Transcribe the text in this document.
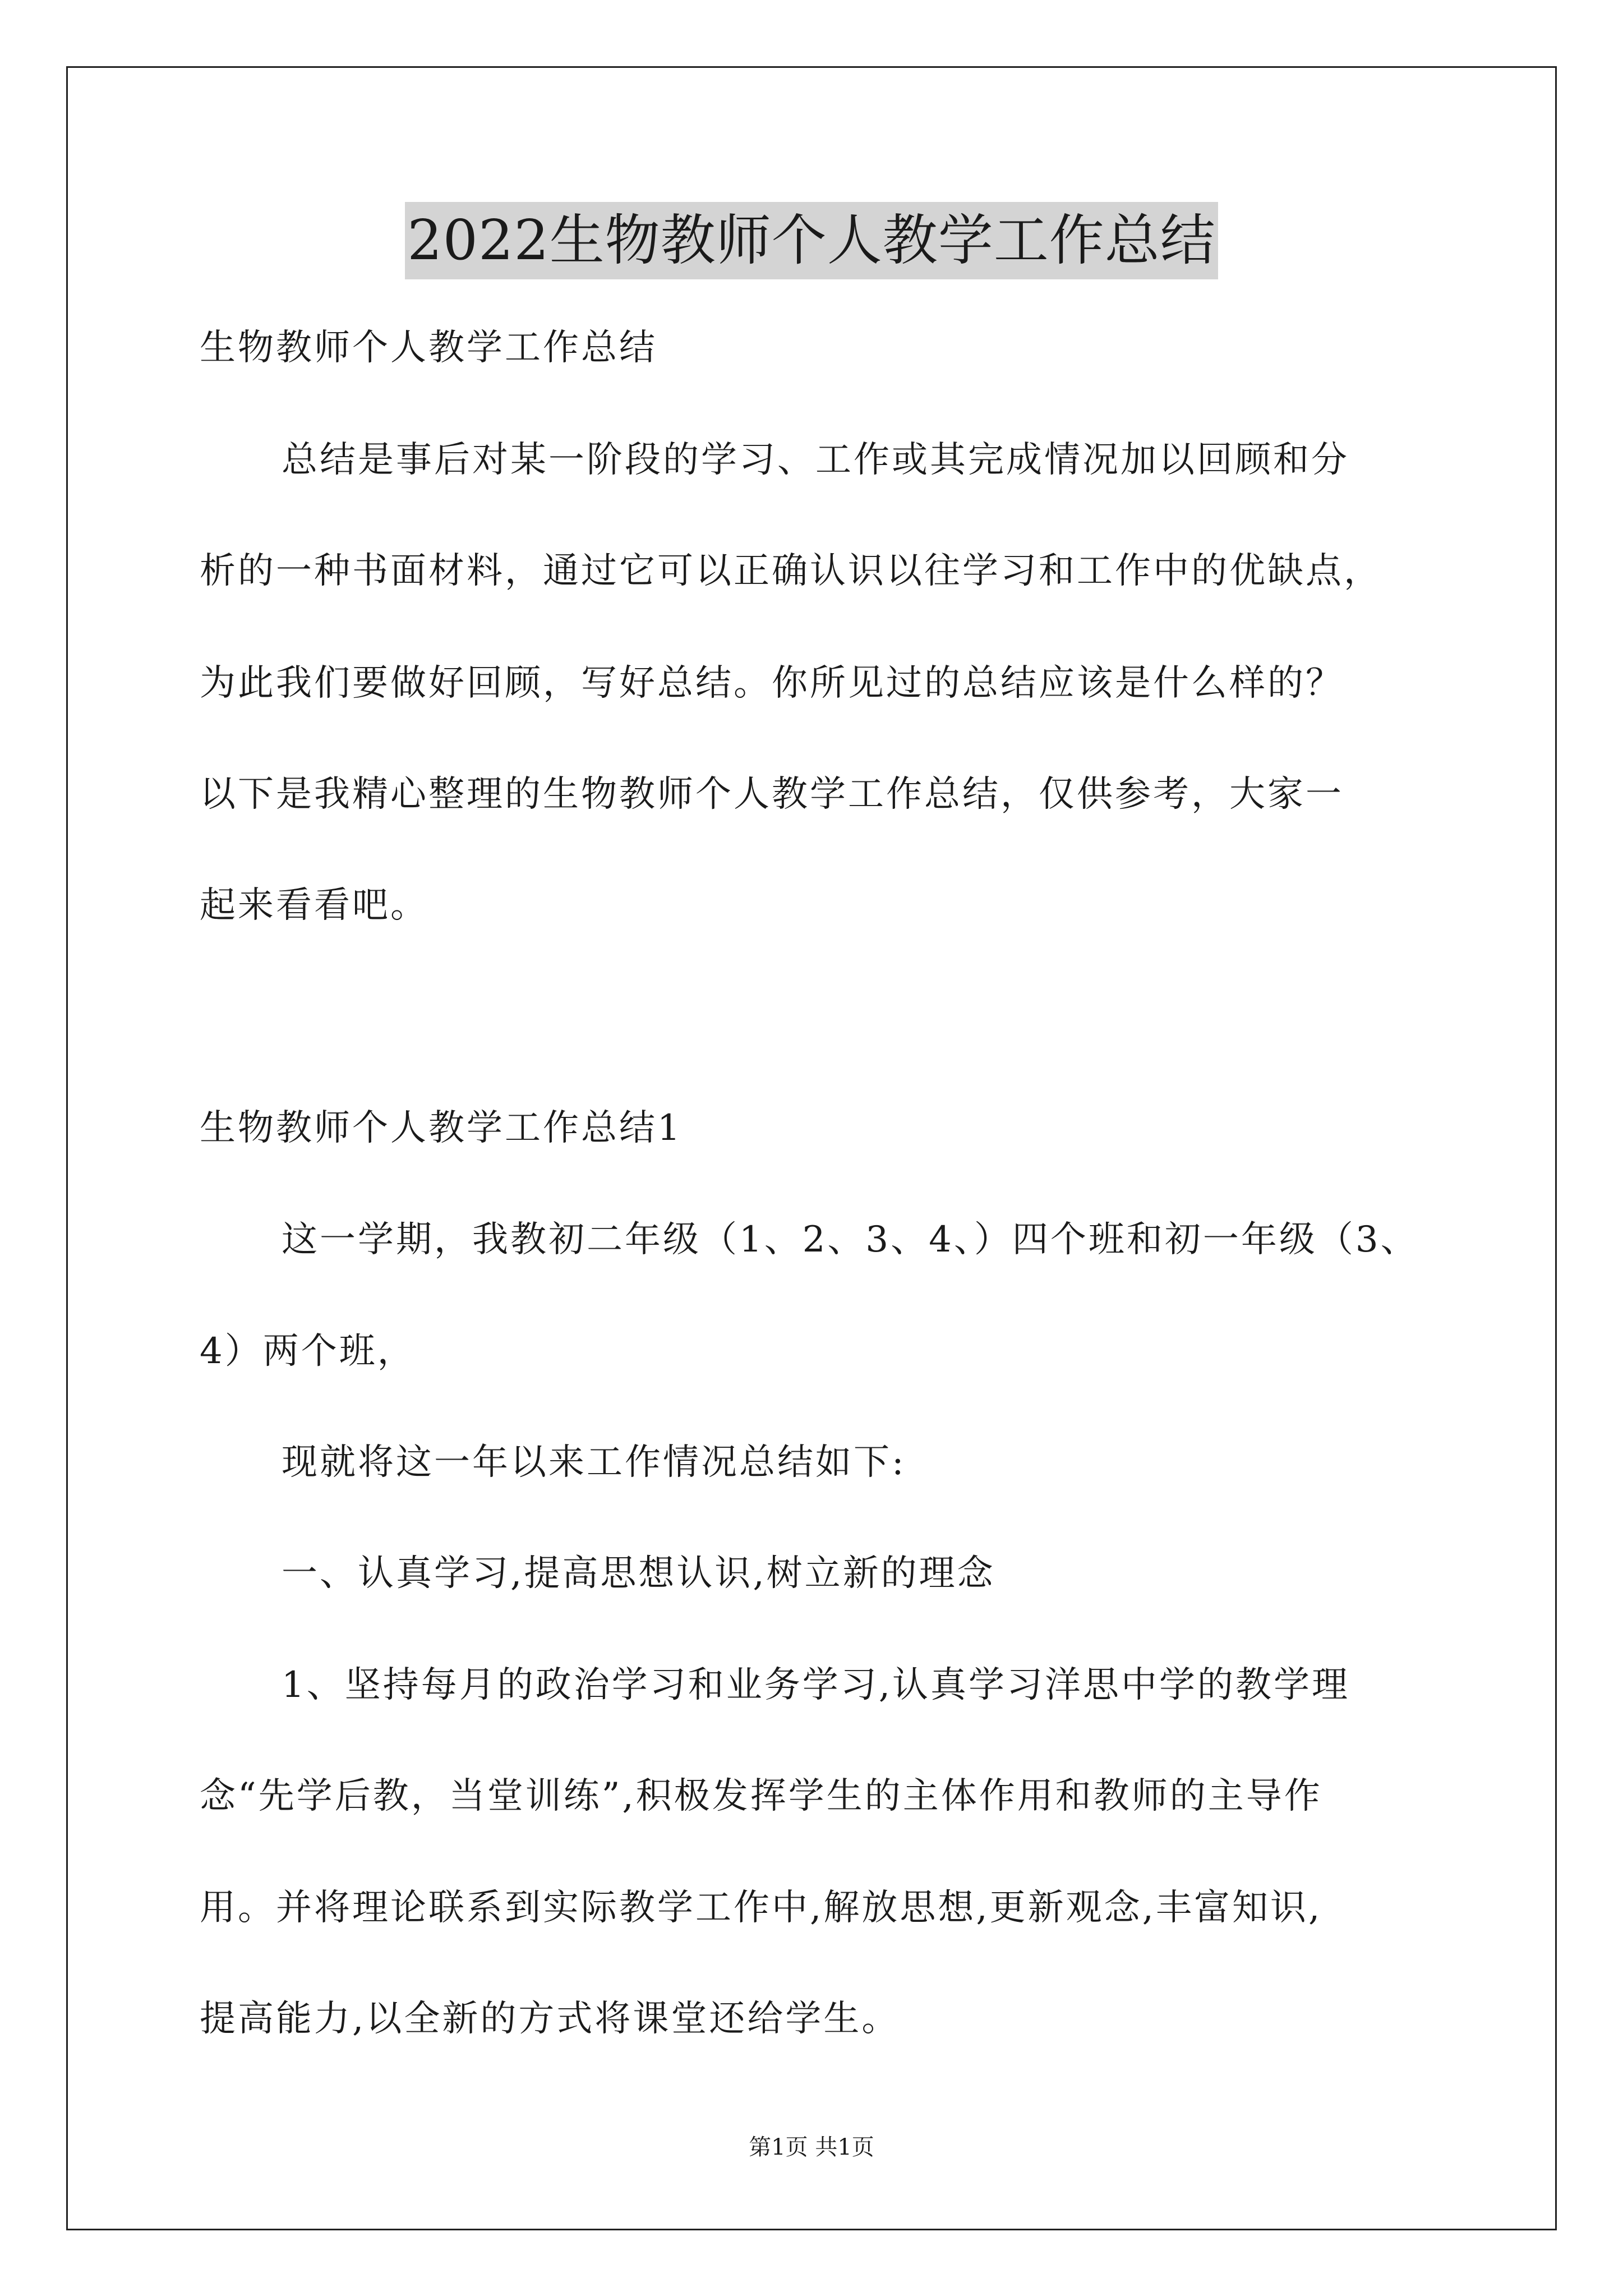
2022生物教师个人教学工作总结
生物教师个人教学工作总结
总结是事后对某一阶段的学习、工作或其完成情况加以回顾和分
析的一种书面材料，通过它可以正确认识以往学习和工作中的优缺点，
为此我们要做好回顾，写好总结。你所见过的总结应该是什么样的？
以下是我精心整理的生物教师个人教学工作总结，仅供参考，大家一
起来看看吧。
生物教师个人教学工作总结1
这一学期，我教初二年级（1、2、3、4、）四个班和初一年级（3、
4）两个班，
现就将这一年以来工作情况总结如下:
一、认真学习,提高思想认识,树立新的理念
1、坚持每月的政治学习和业务学习,认真学习洋思中学的教学理
念“先学后教，当堂训练”,积极发挥学生的主体作用和教师的主导作
用。并将理论联系到实际教学工作中,解放思想,更新观念,丰富知识,
提高能力,以全新的方式将课堂还给学生。
第1页 共1页
